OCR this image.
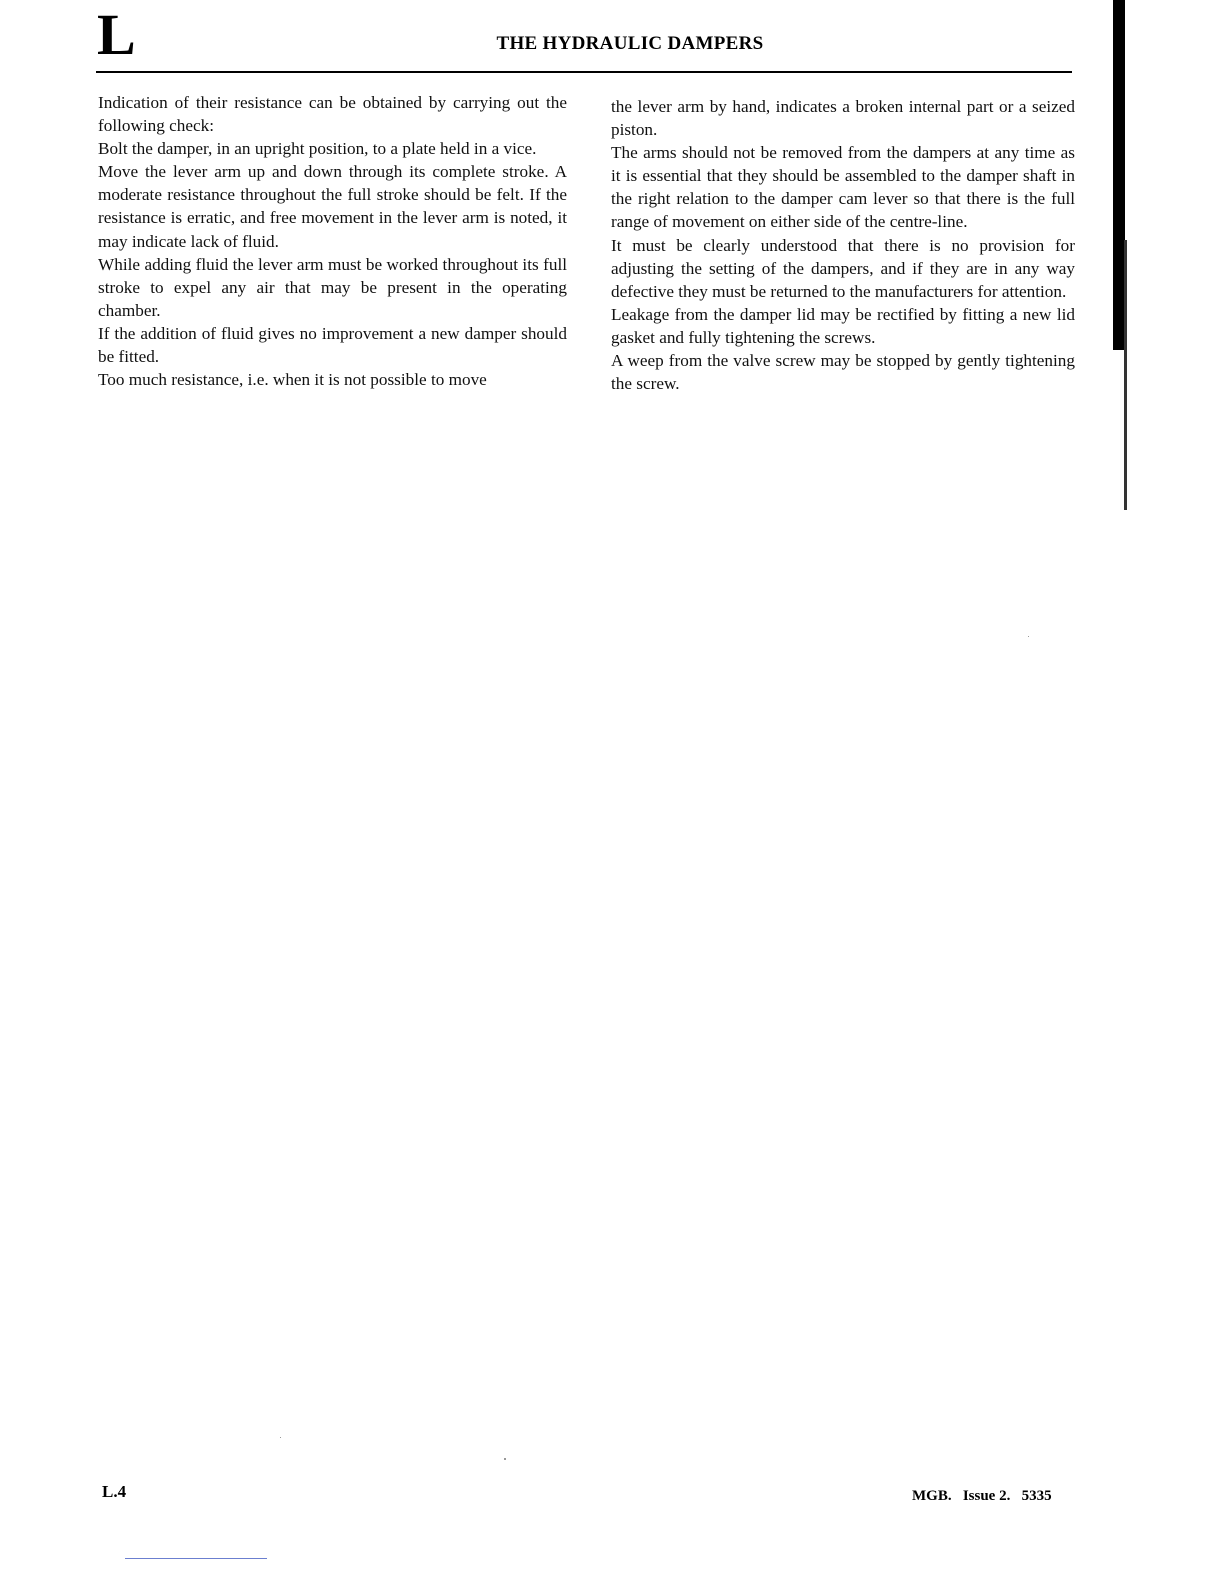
L	THE HYDRAULIC DAMPERS

Indication of their resistance can be obtained by carrying out the following check:

Bolt the damper, in an upright position, to a plate held in a vice.

Move the lever arm up and down through its complete stroke. A moderate resistance throughout the full stroke should be felt. If the resistance is erratic, and free movement in the lever arm is noted, it may indicate lack of fluid.

While adding fluid the lever arm must be worked throughout its full stroke to expel any air that may be present in the operating chamber.

If the addition of fluid gives no improvement a new damper should be fitted.

Too much resistance, i.e. when it is not possible to move

the lever arm by hand, indicates a broken internal part or a seized piston.

The arms should not be removed from the dampers at any time as it is essential that they should be assembled to the damper shaft in the right relation to the damper cam lever so that there is the full range of movement on either side of the centre-line.

It must be clearly understood that there is no provision for adjusting the setting of the dampers, and if they are in any way defective they must be returned to the manufacturers for attention.

Leakage from the damper lid may be rectified by fitting a new lid gasket and fully tightening the screws.

A weep from the valve screw may be stopped by gently tightening the screw.

L.4	MGB.   Issue 2.   5335
